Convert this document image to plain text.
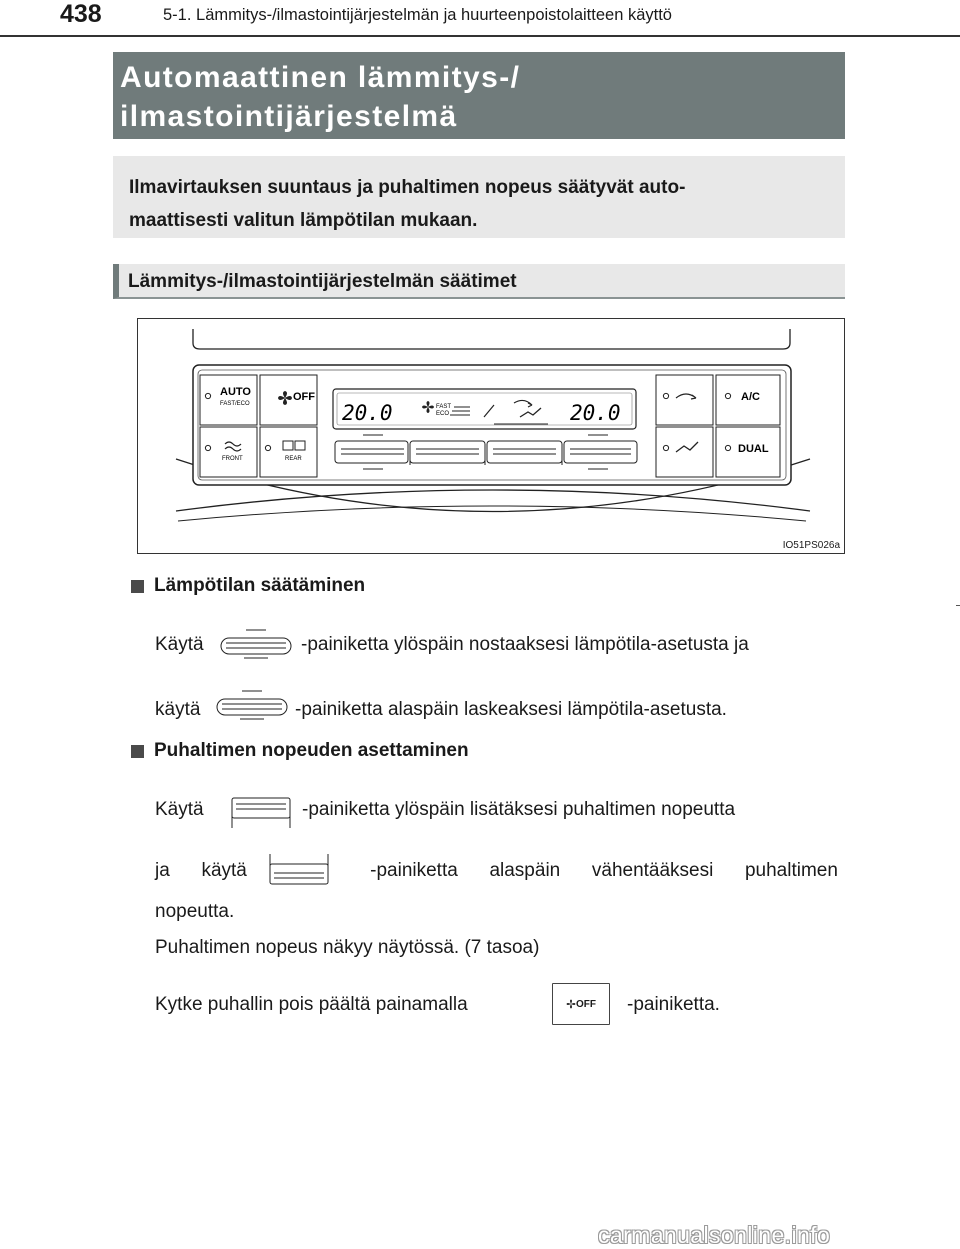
438	5-1. Lämmitys-/ilmastointijärjestelmän ja huurteenpoistolaitteen käyttö
Automaattinen lämmitys-/
ilmastointijärjestelmä
Ilmavirtauksen suuntaus ja puhaltimen nopeus säätyvät auto-
maattisesti valitun lämpötilan mukaan.
Lämmitys-/ilmastointijärjestelmän säätimet
AUTO
FAST/ECO
OFF
FRONT	REAR
20.0	20.0
FAST
ECO
A/C
DUAL
IO51PS026a
Lämpötilan säätäminen
Käytä	-painiketta ylöspäin nostaaksesi lämpötila-asetusta ja
käytä	-painiketta alaspäin laskeaksesi lämpötila-asetusta.
Puhaltimen nopeuden asettaminen
Käytä	-painiketta ylöspäin lisätäksesi puhaltimen nopeutta
ja käytä	-painiketta alaspäin vähentääksesi puhaltimen
nopeutta.
Puhaltimen nopeus näkyy näytössä. (7 tasoa)
Kytke puhallin pois päältä painamalla	OFF -painiketta.
carmanualsonline.info
